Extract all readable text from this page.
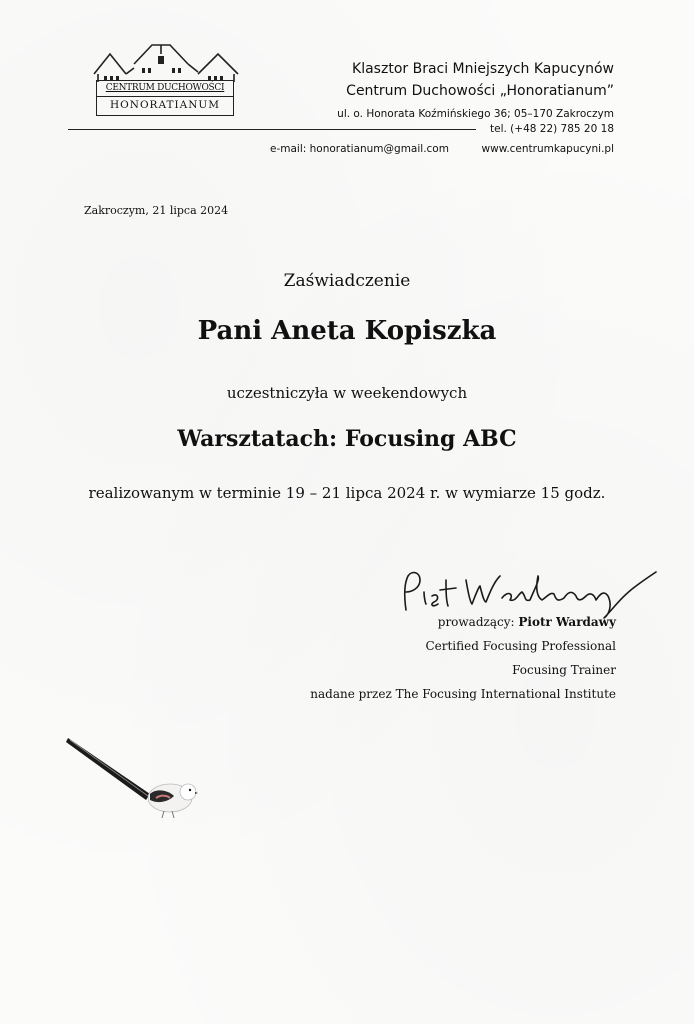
CENTRUM DUCHOWOŚCI
HONORATIANUM
Klasztor Braci Mniejszych Kapucynów
Centrum Duchowości „Honoratianum”
ul. o. Honorata Koźmińskiego 36; 05–170 Zakroczym
tel. (+48 22) 785 20 18
e-mail: honoratianum@gmail.com	www.centrumkapucyni.pl
Zakroczym, 21 lipca 2024
Zaświadczenie
Pani Aneta Kopiszka
uczestniczyła w weekendowych
Warsztatach: Focusing ABC
realizowanym w terminie 19 – 21 lipca 2024 r. w wymiarze 15 godz.
prowadzący: Piotr Wardawy
Certified Focusing Professional
Focusing Trainer
nadane przez The Focusing International Institute
